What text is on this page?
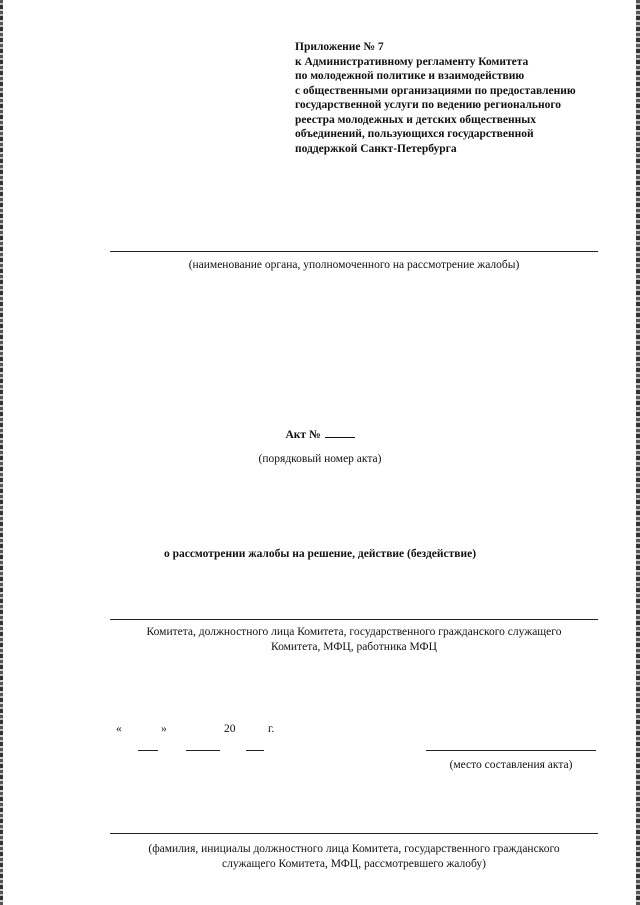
Приложение № 7
к Административному регламенту Комитета
по молодежной политике и взаимодействию
с общественными организациями по предоставлению
государственной услуги по ведению регионального
реестра молодежных и детских общественных
объединений, пользующихся государственной
поддержкой Санкт-Петербурга
(наименование органа, уполномоченного на рассмотрение жалобы)
Акт №
(порядковый номер акта)
о рассмотрении жалобы на решение, действие (бездействие)
Комитета, должностного лица Комитета, государственного гражданского служащего
Комитета, МФЦ, работника МФЦ
«	»	20	г.
(место составления акта)
(фамилия, инициалы должностного лица Комитета, государственного гражданского
служащего Комитета, МФЦ, рассмотревшего жалобу)
